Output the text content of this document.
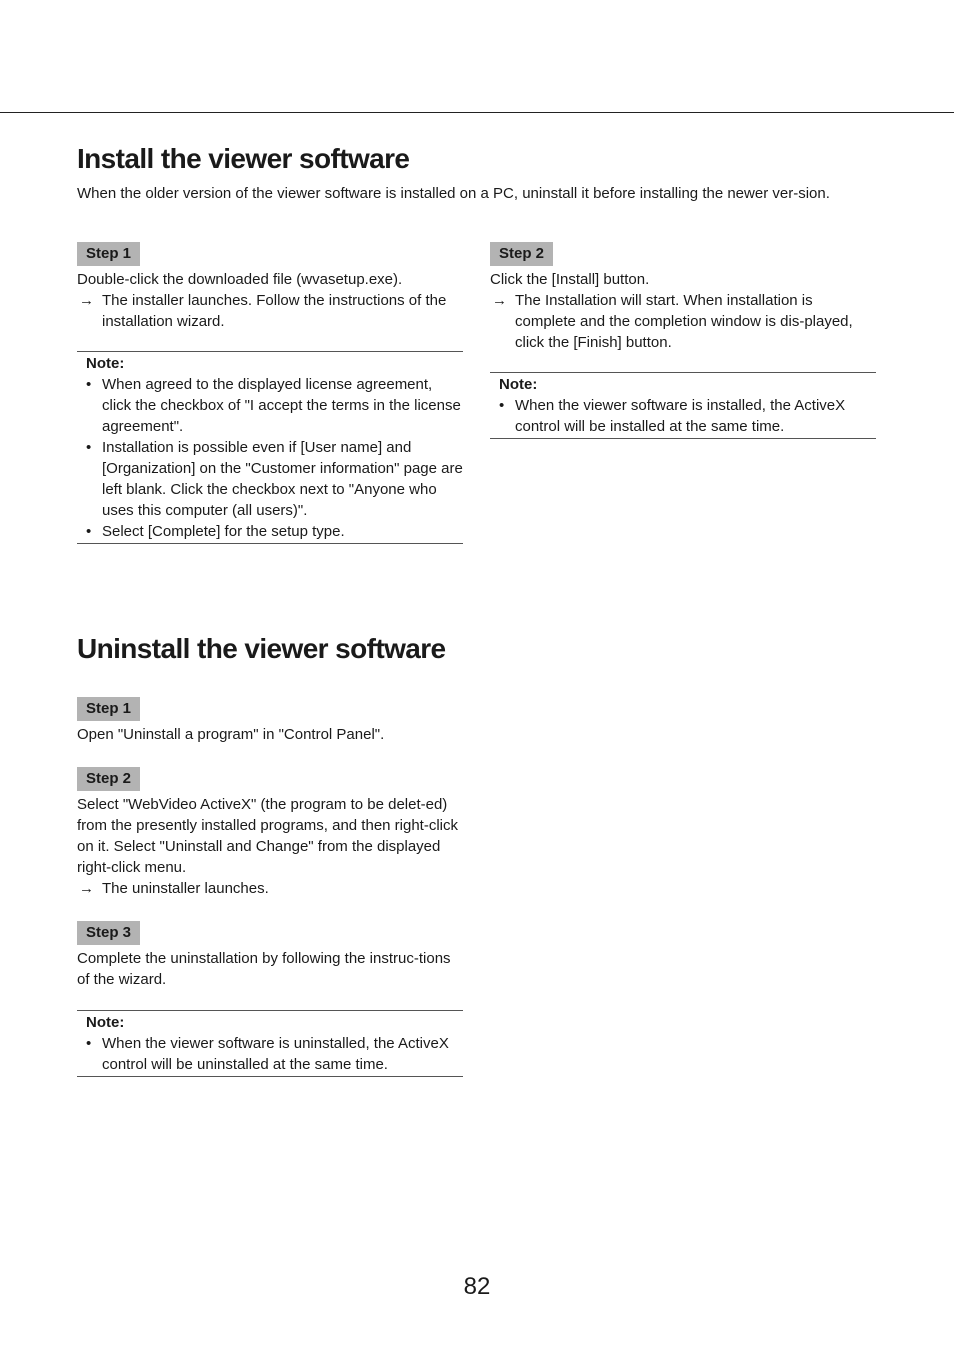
Install the viewer software

When the older version of the viewer software is installed on a PC, uninstall it before installing the newer ver-sion.

Step 1
Double-click the downloaded file (wvasetup.exe).
→ The installer launches. Follow the instructions of the installation wizard.
Note:
• When agreed to the displayed license agreement, click the checkbox of "I accept the terms in the license agreement".
• Installation is possible even if [User name] and [Organization] on the "Customer information" page are left blank. Click the checkbox next to "Anyone who uses this computer (all users)".
• Select [Complete] for the setup type.
Step 2
Click the [Install] button.
→ The Installation will start. When installation is complete and the completion window is dis-played, click the [Finish] button.
Note:
• When the viewer software is installed, the ActiveX control will be installed at the same time.
Uninstall the viewer software
Step 1
Open "Uninstall a program" in "Control Panel".
Step 2
Select "WebVideo ActiveX" (the program to be delet-ed) from the presently installed programs, and then right-click on it. Select "Uninstall and Change" from the displayed right-click menu.
→ The uninstaller launches.
Step 3
Complete the uninstallation by following the instruc-tions of the wizard.
Note:
• When the viewer software is uninstalled, the ActiveX control will be uninstalled at the same time.
82
